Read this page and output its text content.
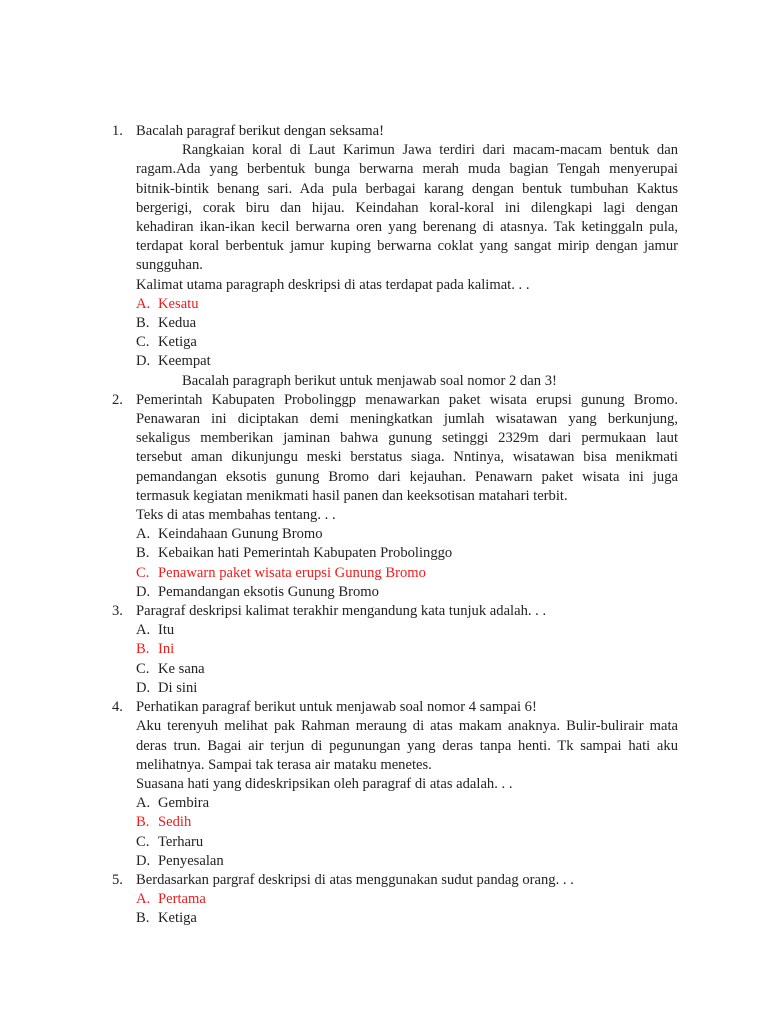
1. Bacalah paragraf berikut dengan seksama!
Rangkaian koral di Laut Karimun Jawa terdiri dari macam-macam bentuk dan
ragam.Ada yang berbentuk bunga berwarna merah muda bagian Tengah menyerupai
bitnik-bintik benang sari. Ada pula berbagai karang dengan bentuk tumbuhan Kaktus
bergerigi, corak biru dan hijau. Keindahan koral-koral ini dilengkapi lagi dengan
kehadiran ikan-ikan kecil berwarna oren yang berenang di atasnya. Tak ketinggaln pula,
terdapat koral berbentuk jamur kuping berwarna coklat yang sangat mirip dengan jamur
sungguhan.
Kalimat utama paragraph deskripsi di atas terdapat pada kalimat. . .
A. Kesatu
B. Kedua
C. Ketiga
D. Keempat
Bacalah paragraph berikut untuk menjawab soal nomor 2 dan 3!
2. Pemerintah Kabupaten Probolinggp menawarkan paket wisata erupsi gunung Bromo.
Penawaran ini diciptakan demi meningkatkan jumlah wisatawan yang berkunjung,
sekaligus memberikan jaminan bahwa gunung setinggi 2329m dari permukaan laut
tersebut aman dikunjungu meski berstatus siaga. Nntinya, wisatawan bisa menikmati
pemandangan eksotis gunung Bromo dari kejauhan. Penawarn paket wisata ini juga
termasuk kegiatan menikmati hasil panen dan keeksotisan matahari terbit.
Teks di atas membahas tentang. . .
A. Keindahaan Gunung Bromo
B. Kebaikan hati Pemerintah Kabupaten Probolinggo
C. Penawarn paket wisata erupsi Gunung Bromo
D. Pemandangan eksotis Gunung Bromo
3. Paragraf deskripsi kalimat terakhir mengandung kata tunjuk adalah. . .
A. Itu
B. Ini
C. Ke sana
D. Di sini
4. Perhatikan paragraf berikut untuk menjawab soal nomor 4 sampai 6!
Aku terenyuh melihat pak Rahman meraung di atas makam anaknya. Bulir-bulirair mata
deras trun. Bagai air terjun di pegunungan yang deras tanpa henti. Tk sampai hati aku
melihatnya. Sampai tak terasa air mataku menetes.
Suasana hati yang dideskripsikan oleh paragraf di atas adalah. . .
A. Gembira
B. Sedih
C. Terharu
D. Penyesalan
5. Berdasarkan pargraf deskripsi di atas menggunakan sudut pandag orang. . .
A. Pertama
B. Ketiga
